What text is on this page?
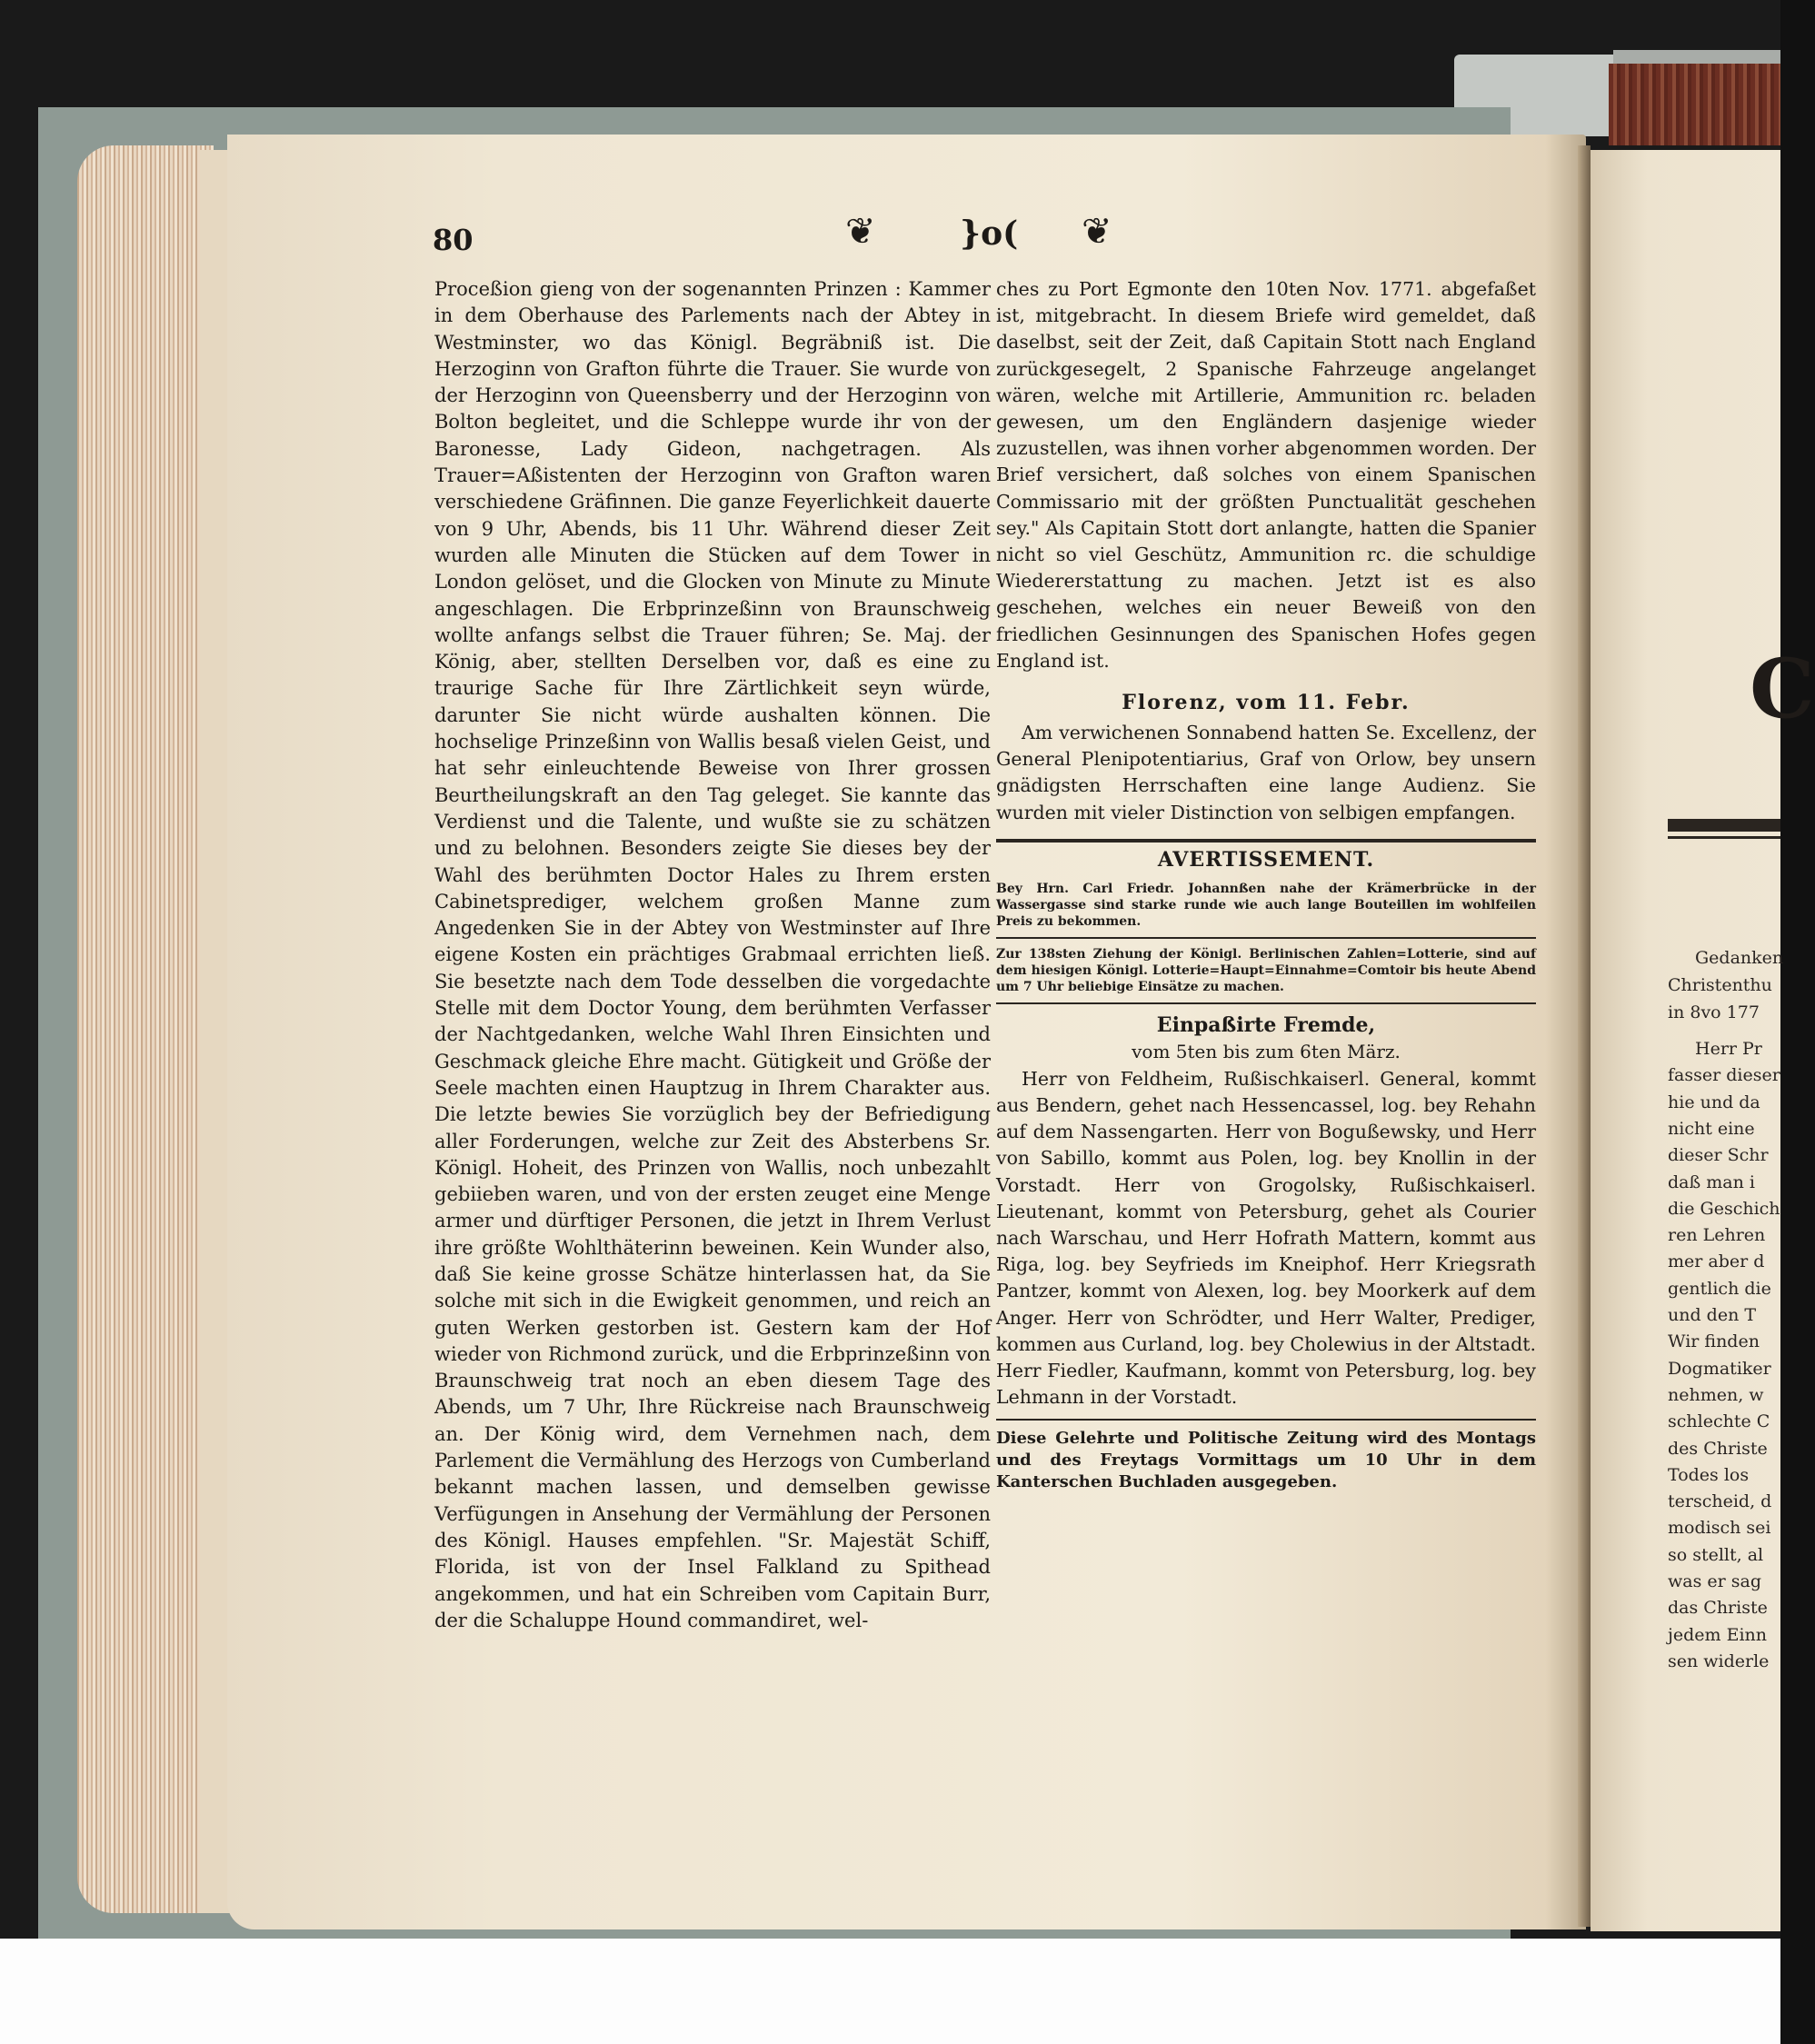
80	❦	}o( ❦

Proceßion gieng von der sogenannten Prinzen : Kammer in dem Oberhause des Parlements nach der Abtey in Westminster, wo das Königl. Begräbniß ist. Die Herzoginn von Grafton führte die Trauer. Sie wurde von der Herzoginn von Queensberry und der Herzoginn von Bolton begleitet, und die Schleppe wurde ihr von der Baronesse, Lady Gideon, nachgetragen. Als Trauer=Aßistenten der Herzoginn von Grafton waren verschiedene Gräfinnen. Die ganze Feyerlichkeit dauerte von 9 Uhr, Abends, bis 11 Uhr. Während dieser Zeit wurden alle Minuten die Stücken auf dem Tower in London gelöset, und die Glocken von Minute zu Minute angeschlagen. Die Erbprinzeßinn von Braunschweig wollte anfangs selbst die Trauer führen; Se. Maj. der König, aber, stellten Derselben vor, daß es eine zu traurige Sache für Ihre Zärtlichkeit seyn würde, darunter Sie nicht würde aushalten können. Die hochselige Prinzeßinn von Wallis besaß vielen Geist, und hat sehr einleuchtende Beweise von Ihrer grossen Beurtheilungskraft an den Tag geleget. Sie kannte das Verdienst und die Talente, und wußte sie zu schätzen und zu belohnen. Besonders zeigte Sie dieses bey der Wahl des berühmten Doctor Hales zu Ihrem ersten Cabinetsprediger, welchem großen Manne zum Angedenken Sie in der Abtey von Westminster auf Ihre eigene Kosten ein prächtiges Grabmaal errichten ließ. Sie besetzte nach dem Tode desselben die vorgedachte Stelle mit dem Doctor Young, dem berühmten Verfasser der Nachtgedanken, welche Wahl Ihren Einsichten und Geschmack gleiche Ehre macht. Gütigkeit und Größe der Seele machten einen Hauptzug in Ihrem Charakter aus. Die letzte bewies Sie vorzüglich bey der Befriedigung aller Forderungen, welche zur Zeit des Absterbens Sr. Königl. Hoheit, des Prinzen von Wallis, noch unbezahlt gebiieben waren, und von der ersten zeuget eine Menge armer und dürftiger Personen, die jetzt in Ihrem Verlust ihre größte Wohlthäterinn beweinen. Kein Wunder also, daß Sie keine grosse Schätze hinterlassen hat, da Sie solche mit sich in die Ewigkeit genommen, und reich an guten Werken gestorben ist. Gestern kam der Hof wieder von Richmond zurück, und die Erbprinzeßinn von Braunschweig trat noch an eben diesem Tage des Abends, um 7 Uhr, Ihre Rückreise nach Braunschweig an. Der König wird, dem Vernehmen nach, dem Parlement die Vermählung des Herzogs von Cumberland bekannt machen lassen, und demselben gewisse Verfügungen in Ansehung der Vermählung der Personen des Königl. Hauses empfehlen. "Sr. Majestät Schiff, Florida, ist von der Insel Falkland zu Spithead angekommen, und hat ein Schreiben vom Capitain Burr, der die Schaluppe Hound commandiret, wel-

ches zu Port Egmonte den 10ten Nov. 1771. abgefaßet ist, mitgebracht. In diesem Briefe wird gemeldet, daß daselbst, seit der Zeit, daß Capitain Stott nach England zurückgesegelt, 2 Spanische Fahrzeuge angelanget wären, welche mit Artillerie, Ammunition rc. beladen gewesen, um den Engländern dasjenige wieder zuzustellen, was ihnen vorher abgenommen worden. Der Brief versichert, daß solches von einem Spanischen Commissario mit der größten Punctualität geschehen sey." Als Capitain Stott dort anlangte, hatten die Spanier nicht so viel Geschütz, Ammunition rc. die schuldige Wiedererstattung zu machen. Jetzt ist es also geschehen, welches ein neuer Beweiß von den friedlichen Gesinnungen des Spanischen Hofes gegen England ist.

Florenz, vom 11. Febr.

Am verwichenen Sonnabend hatten Se. Excellenz, der General Plenipotentiarius, Graf von Orlow, bey unsern gnädigsten Herrschaften eine lange Audienz. Sie wurden mit vieler Distinction von selbigen empfangen.

AVERTISSEMENT.

Bey Hrn. Carl Friedr. Johannßen nahe der Krämerbrücke in der Wassergasse sind starke runde wie auch lange Bouteillen im wohlfeilen Preis zu bekommen.

Zur 138sten Ziehung der Königl. Berlinischen Zahlen=Lotterie, sind auf dem hiesigen Königl. Lotterie=Haupt=Einnahme=Comtoir bis heute Abend um 7 Uhr beliebige Einsätze zu machen.

Einpaßirte Fremde,
vom 5ten bis zum 6ten März.

Herr von Feldheim, Rußischkaiserl. General, kommt aus Bendern, gehet nach Hessencassel, log. bey Rehahn auf dem Nassengarten. Herr von Bogußewsky, und Herr von Sabillo, kommt aus Polen, log. bey Knollin in der Vorstadt. Herr von Grogolsky, Rußischkaiserl. Lieutenant, kommt von Petersburg, gehet als Courier nach Warschau, und Herr Hofrath Mattern, kommt aus Riga, log. bey Seyfrieds im Kneiphof. Herr Kriegsrath Pantzer, kommt von Alexen, log. bey Moorkerk auf dem Anger. Herr von Schrödter, und Herr Walter, Prediger, kommen aus Curland, log. bey Cholewius in der Altstadt. Herr Fiedler, Kaufmann, kommt von Petersburg, log. bey Lehmann in der Vorstadt.

Diese Gelehrte und Politische Zeitung wird des Montags und des Freytags Vormittags um 10 Uhr in dem Kanterschen Buchladen ausgegeben.

C
Gedanken
Christenthu
in 8vo 177
Herr Pr
fasser dieser
hie und da
nicht eine
dieser Schr
daß man i
die Geschich
ren Lehren
mer aber d
gentlich die
und den T
Wir finden
Dogmatiker
nehmen, w
schlechte C
des Christe
Todes los
terscheid, d
modisch sei
so stellt, al
was er sag
das Christe
jedem Einn
sen widerle
